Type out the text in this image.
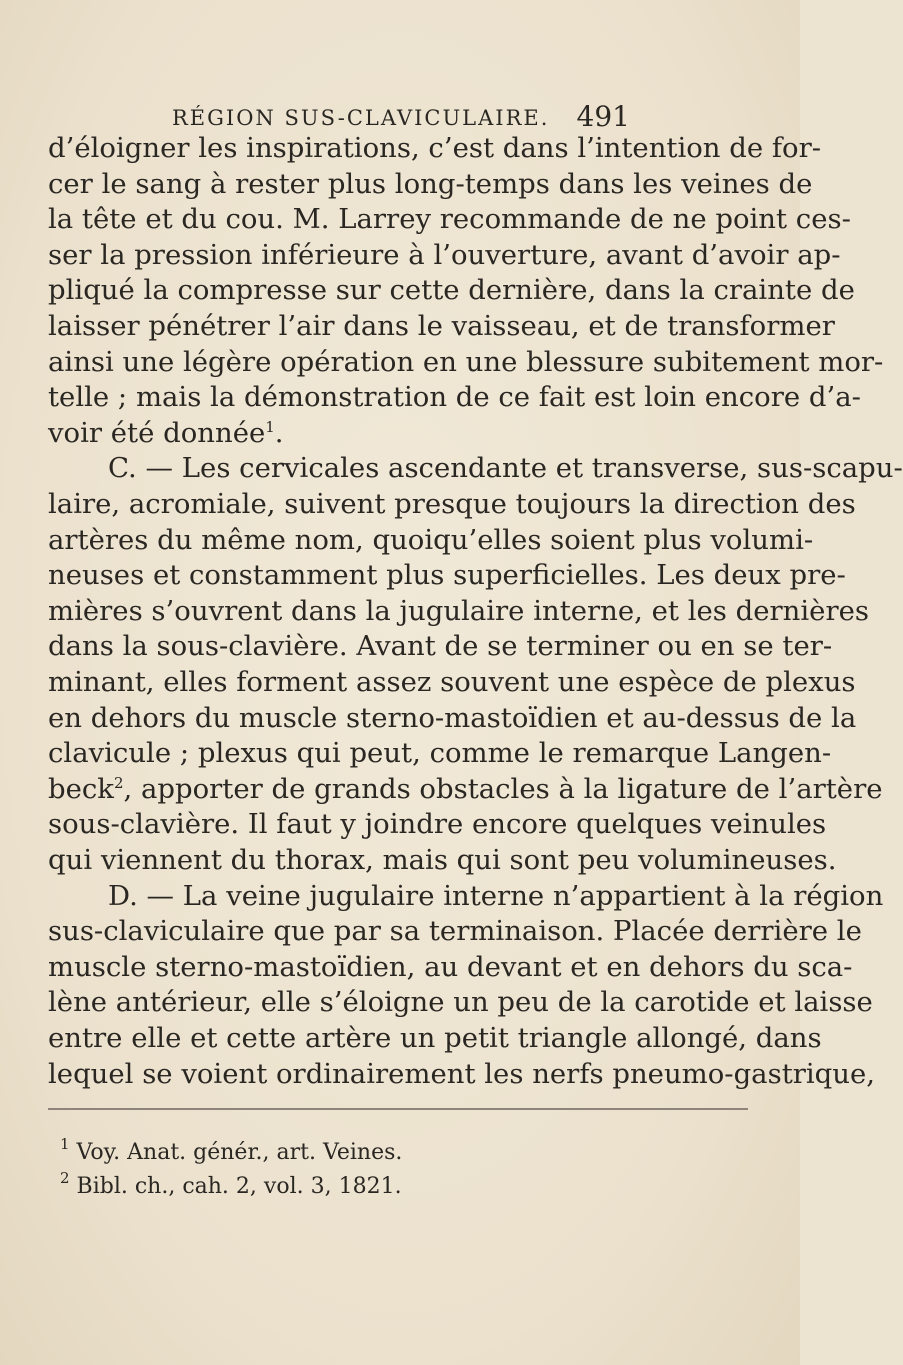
RÉGION SUS-CLAVICULAIRE. 491
d’éloigner les inspirations, c’est dans l’intention de for-
cer le sang à rester plus long-temps dans les veines de
la tête et du cou. M. Larrey recommande de ne point ces-
ser la pression inférieure à l’ouverture, avant d’avoir ap-
pliqué la compresse sur cette dernière, dans la crainte de
laisser pénétrer l’air dans le vaisseau, et de transformer
ainsi une légère opération en une blessure subitement mor-
telle ; mais la démonstration de ce fait est loin encore d’a-
voir été donnée$^1$.
C. — Les cervicales ascendante et transverse, sus-scapu-
laire, acromiale, suivent presque toujours la direction des
artères du même nom, quoiqu’elles soient plus volumi-
neuses et constamment plus superficielles. Les deux pre-
mières s’ouvrent dans la jugulaire interne, et les dernières
dans la sous-clavière. Avant de se terminer ou en se ter-
minant, elles forment assez souvent une espèce de plexus
en dehors du muscle sterno-mastoïdien et au-dessus de la
clavicule ; plexus qui peut, comme le remarque Langen-
beck$^2$, apporter de grands obstacles à la ligature de l’artère
sous-clavière. Il faut y joindre encore quelques veinules
qui viennent du thorax, mais qui sont peu volumineuses.
D. — La veine jugulaire interne n’appartient à la région
sus-claviculaire que par sa terminaison. Placée derrière le
muscle sterno-mastoïdien, au devant et en dehors du sca-
lène antérieur, elle s’éloigne un peu de la carotide et laisse
entre elle et cette artère un petit triangle allongé, dans
lequel se voient ordinairement les nerfs pneumo-gastrique,
$^1$ Voy. Anat. génér., art. Veines.
$^2$ Bibl. ch., cah. 2, vol. 3, 1821.
